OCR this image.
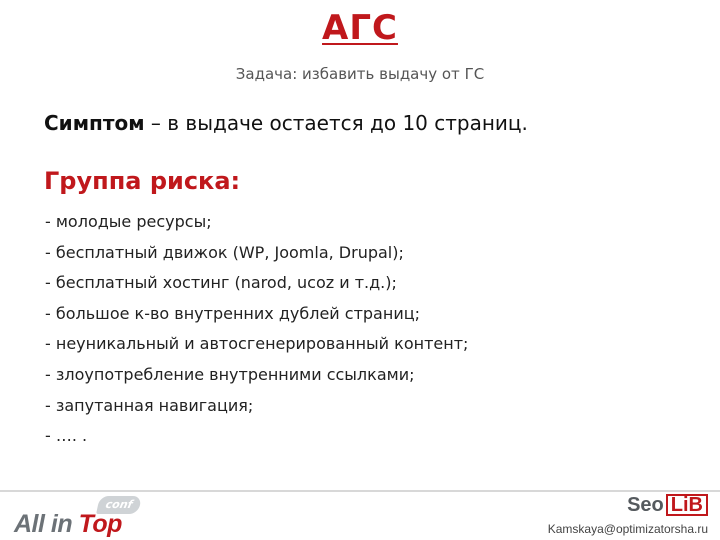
АГС
Задача: избавить выдачу от ГС
Симптом – в выдаче остается до 10 страниц.
Группа риска:
- молодые ресурсы;
- бесплатный движок (WP, Joomla, Drupal);
- бесплатный хостинг (narod, ucoz и т.д.);
- большое к-во внутренних дублей страниц;
- неуникальный и автосгенерированный контент;
- злоупотребление внутренними ссылками;
- запутанная навигация;
- …. .
conf
All in Top
Seo LiB
Kamskaya@optimizatorsha.ru
